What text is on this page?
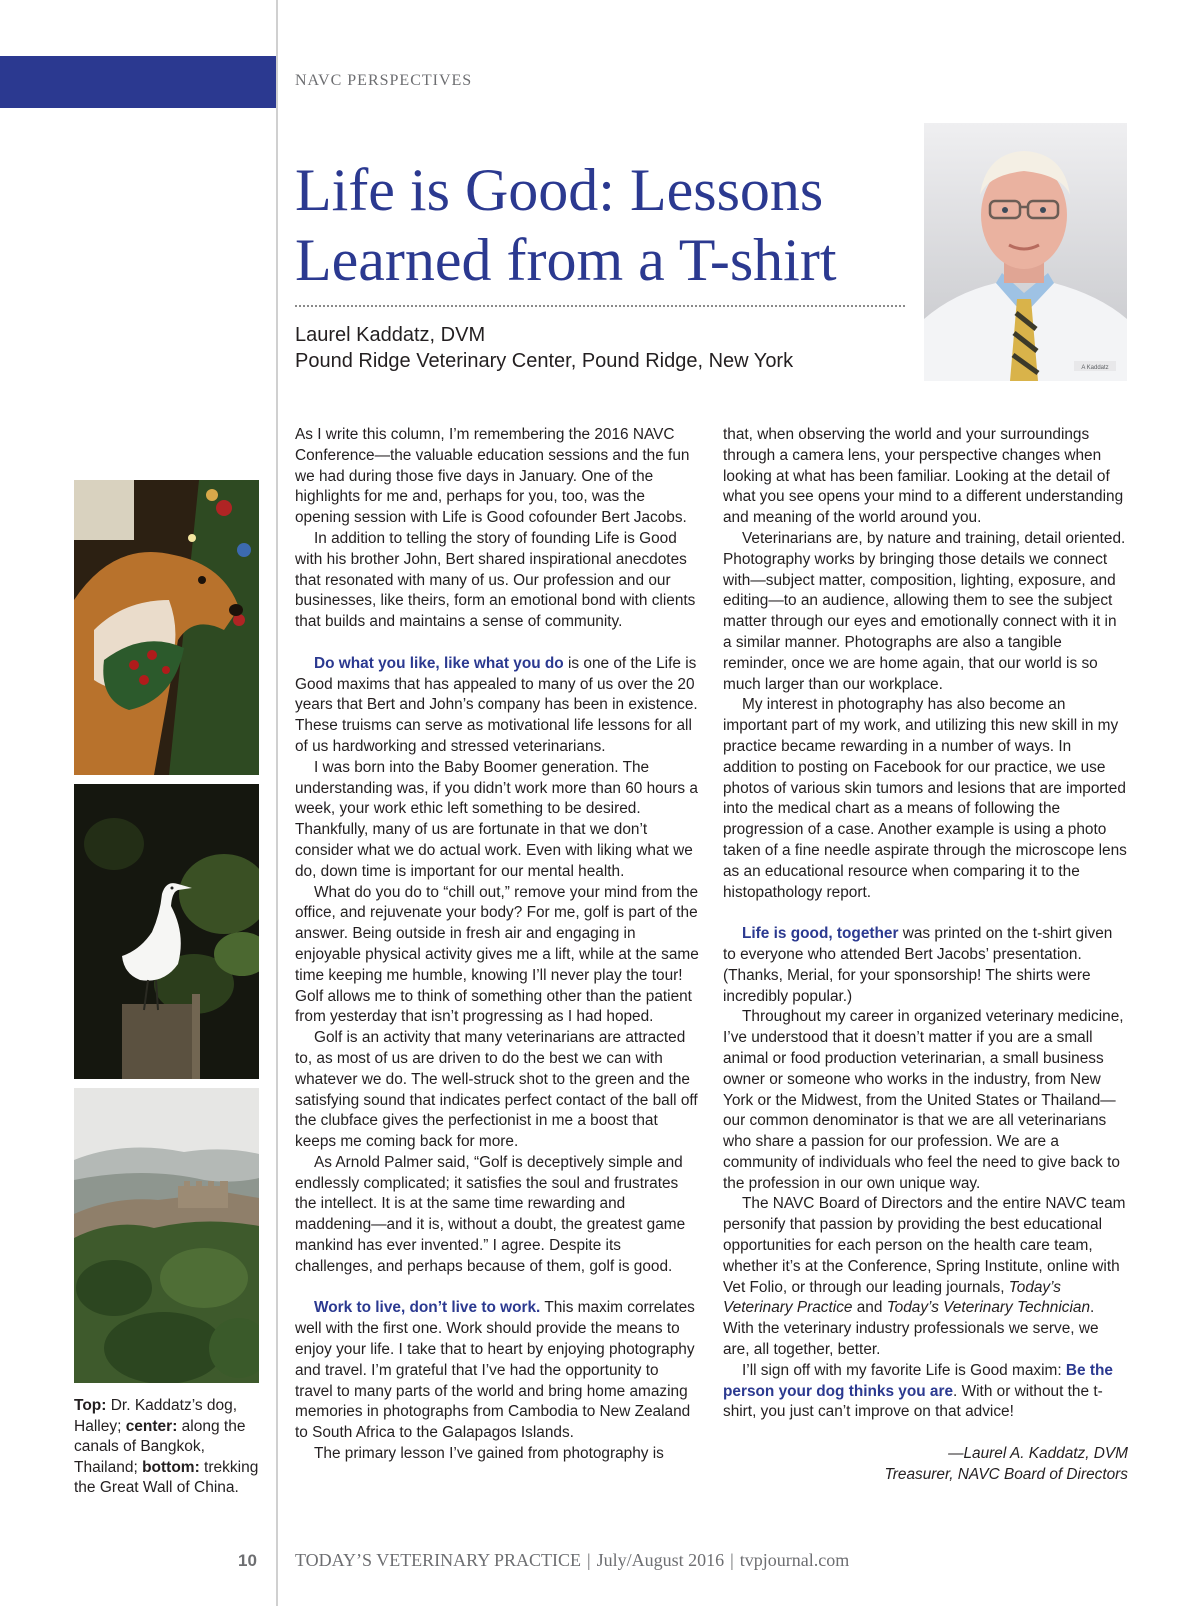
NAVC PERSPECTIVES
Life is Good: Lessons
Learned from a T-shirt
Laurel Kaddatz, DVM
Pound Ridge Veterinary Center, Pound Ridge, New York	A Kaddatz
Top: Dr. Kaddatz’s dog, Halley; center: along the canals of Bangkok, Thailand; bottom: trekking the Great Wall of China.

As I write this column, I’m remembering the 2016 NAVC Conference—the valuable education sessions and the fun we had during those five days in January. One of the highlights for me and, perhaps for you, too, was the opening session with Life is Good cofounder Bert Jacobs.

In addition to telling the story of founding Life is Good with his brother John, Bert shared inspirational anecdotes that resonated with many of us. Our profession and our businesses, like theirs, form an emotional bond with clients that builds and maintains a sense of community.

Do what you like, like what you do is one of the Life is Good maxims that has appealed to many of us over the 20 years that Bert and John’s company has been in existence. These truisms can serve as motivational life lessons for all of us hardworking and stressed veterinarians.

I was born into the Baby Boomer generation. The understanding was, if you didn’t work more than 60 hours a week, your work ethic left something to be desired. Thankfully, many of us are fortunate in that we don’t consider what we do actual work. Even with liking what we do, down time is important for our mental health.

What do you do to “chill out,” remove your mind from the office, and rejuvenate your body? For me, golf is part of the answer. Being outside in fresh air and engaging in enjoyable physical activity gives me a lift, while at the same time keeping me humble, knowing I’ll never play the tour! Golf allows me to think of something other than the patient from yesterday that isn’t progressing as I had hoped.

Golf is an activity that many veterinarians are attracted to, as most of us are driven to do the best we can with whatever we do. The well-struck shot to the green and the satisfying sound that indicates perfect contact of the ball off the clubface gives the perfectionist in me a boost that keeps me coming back for more.

As Arnold Palmer said, “Golf is deceptively simple and endlessly complicated; it satisfies the soul and frustrates the intellect. It is at the same time rewarding and maddening—and it is, without a doubt, the greatest game mankind has ever invented.” I agree. Despite its challenges, and perhaps because of them, golf is good.

Work to live, don’t live to work. This maxim correlates well with the first one. Work should provide the means to enjoy your life. I take that to heart by enjoying photography and travel. I’m grateful that I’ve had the opportunity to travel to many parts of the world and bring home amazing memories in photographs from Cambodia to New Zealand to South Africa to the Galapagos Islands.

The primary lesson I’ve gained from photography is

that, when observing the world and your surroundings through a camera lens, your perspective changes when looking at what has been familiar. Looking at the detail of what you see opens your mind to a different understanding and meaning of the world around you.

Veterinarians are, by nature and training, detail oriented. Photography works by bringing those details we connect with—subject matter, composition, lighting, exposure, and editing—to an audience, allowing them to see the subject matter through our eyes and emotionally connect with it in a similar manner. Photographs are also a tangible reminder, once we are home again, that our world is so much larger than our workplace.

My interest in photography has also become an important part of my work, and utilizing this new skill in my practice became rewarding in a number of ways. In addition to posting on Facebook for our practice, we use photos of various skin tumors and lesions that are imported into the medical chart as a means of following the progression of a case. Another example is using a photo taken of a fine needle aspirate through the microscope lens as an educational resource when comparing it to the histopathology report.

Life is good, together was printed on the t-shirt given to everyone who attended Bert Jacobs’ presentation. (Thanks, Merial, for your sponsorship! The shirts were incredibly popular.)

Throughout my career in organized veterinary medicine, I’ve understood that it doesn’t matter if you are a small animal or food production veterinarian, a small business owner or someone who works in the industry, from New York or the Midwest, from the United States or Thailand—our common denominator is that we are all veterinarians who share a passion for our profession. We are a community of individuals who feel the need to give back to the profession in our own unique way.

The NAVC Board of Directors and the entire NAVC team personify that passion by providing the best educational opportunities for each person on the health care team, whether it’s at the Conference, Spring Institute, online with Vet Folio, or through our leading journals, Today’s Veterinary Practice and Today’s Veterinary Technician. With the veterinary industry professionals we serve, we are, all together, better.

I’ll sign off with my favorite Life is Good maxim: Be the person your dog thinks you are. With or without the t-shirt, you just can’t improve on that advice!

—Laurel A. Kaddatz, DVM
Treasurer, NAVC Board of Directors
10 TODAY’S VETERINARY PRACTICE | July/August 2016 | tvpjournal.com
